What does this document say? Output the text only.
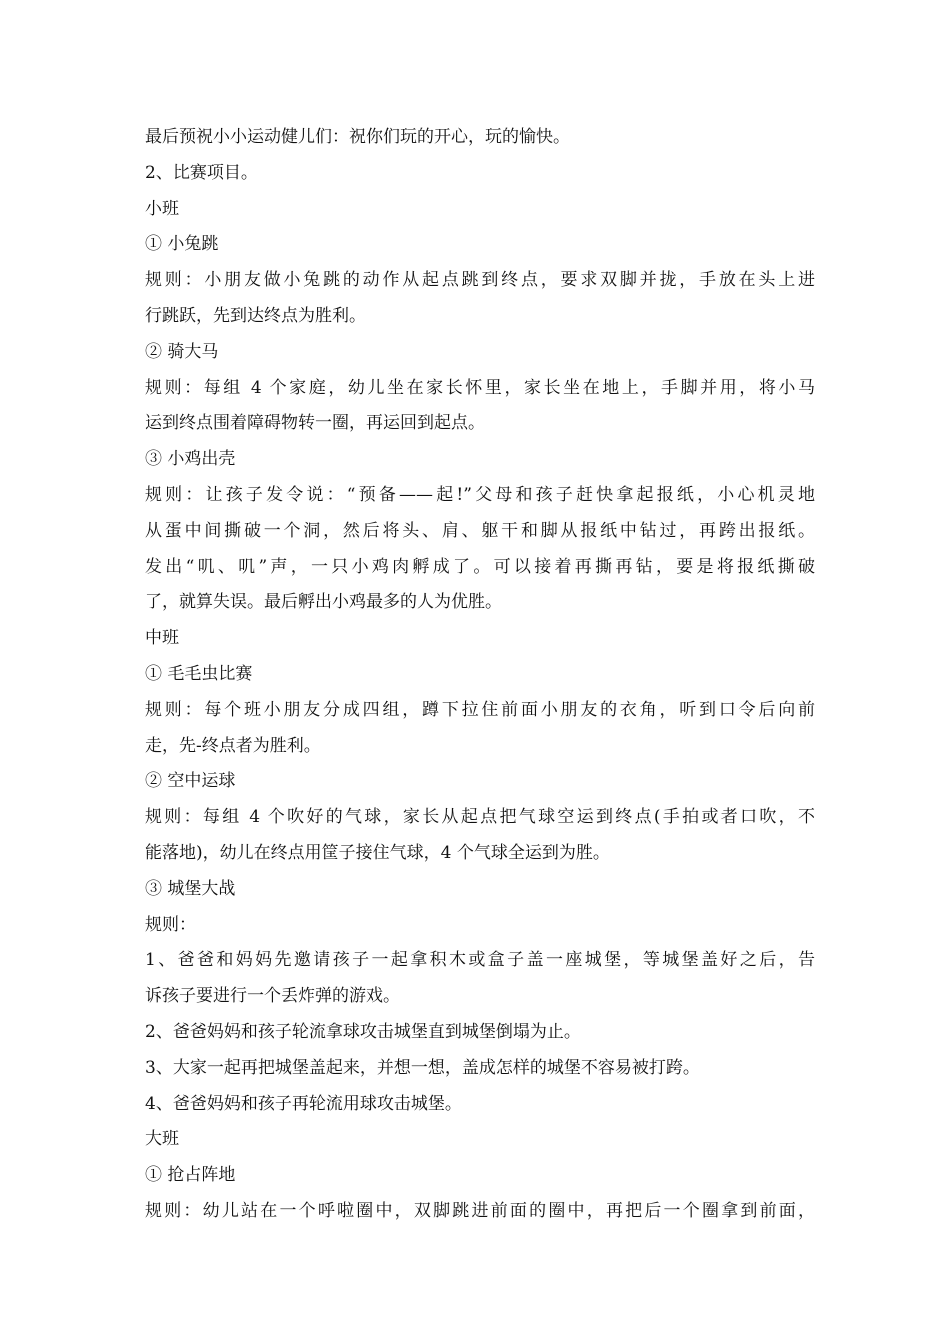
最后预祝小小运动健儿们：祝你们玩的开心，玩的愉快。
2、比赛项目。
小班
① 小兔跳
规则：小朋友做小兔跳的动作从起点跳到终点，要求双脚并拢，手放在头上进
行跳跃，先到达终点为胜利。
② 骑大马
规则：每组 4 个家庭，幼儿坐在家长怀里，家长坐在地上，手脚并用，将小马
运到终点围着障碍物转一圈，再运回到起点。
③ 小鸡出壳
规则：让孩子发令说：“预备——起!”父母和孩子赶快拿起报纸，小心机灵地
从蛋中间撕破一个洞，然后将头、肩、躯干和脚从报纸中钻过，再跨出报纸。
发出“叽、叽”声，一只小鸡肉孵成了。可以接着再撕再钻，要是将报纸撕破
了，就算失误。最后孵出小鸡最多的人为优胜。
中班
① 毛毛虫比赛
规则：每个班小朋友分成四组，蹲下拉住前面小朋友的衣角，听到口令后向前
走，先-终点者为胜利。
② 空中运球
规则：每组 4 个吹好的气球，家长从起点把气球空运到终点(手拍或者口吹，不
能落地)，幼儿在终点用筐子接住气球，4 个气球全运到为胜。
③ 城堡大战
规则：
1、爸爸和妈妈先邀请孩子一起拿积木或盒子盖一座城堡，等城堡盖好之后，告
诉孩子要进行一个丢炸弹的游戏。
2、爸爸妈妈和孩子轮流拿球攻击城堡直到城堡倒塌为止。
3、大家一起再把城堡盖起来，并想一想，盖成怎样的城堡不容易被打跨。
4、爸爸妈妈和孩子再轮流用球攻击城堡。
大班
① 抢占阵地
规则：幼儿站在一个呼啦圈中，双脚跳进前面的圈中，再把后一个圈拿到前面，
